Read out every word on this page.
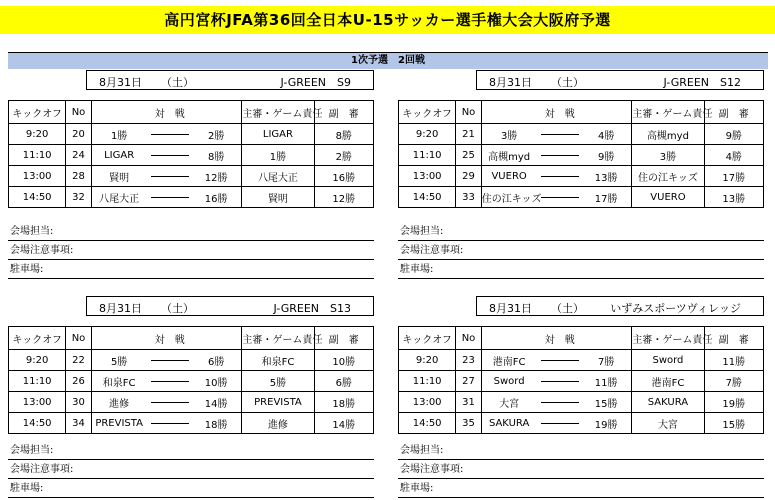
高円宮杯JFA第36回全日本U-15サッカー選手権大会大阪府予選
1次予選　2回戦
8月31日 （土）	J-GREEN　S9
キックオフ	No		対　戦		主審・ゲーム責任	副　審
9:20	20	1勝		2勝	LIGAR	8勝
11:10	24	LIGAR		8勝	1勝	2勝
13:00	28	賢明		12勝	八尾大正	16勝
14:50	32	八尾大正		16勝	賢明	12勝
会場担当:
会場注意事項:
駐車場:
8月31日 （土）	J-GREEN　S12
キックオフ	No		対　戦		主審・ゲーム責任	副　審
9:20	21	3勝		4勝	高槻myd	9勝
11:10	25	高槻myd		9勝	3勝	4勝
13:00	29	VUERO		13勝	住の江キッズ	17勝
14:50	33	住の江キッズ		17勝	VUERO	13勝
会場担当:
会場注意事項:
駐車場:
8月31日 （土）	J-GREEN　S13
キックオフ	No		対　戦		主審・ゲーム責任	副　審
9:20	22	5勝		6勝	和泉FC	10勝
11:10	26	和泉FC		10勝	5勝	6勝
13:00	30	進修		14勝	PREVISTA	18勝
14:50	34	PREVISTA		18勝	進修	14勝
会場担当:
会場注意事項:
駐車場:
8月31日 （土） いずみスポーツヴィレッジ
キックオフ	No		対　戦		主審・ゲーム責任	副　審
9:20	23	港南FC		7勝	Sword	11勝
11:10	27	Sword		11勝	港南FC	7勝
13:00	31	大宮		15勝	SAKURA	19勝
14:50	35	SAKURA		19勝	大宮	15勝
会場担当:
会場注意事項:
駐車場:
